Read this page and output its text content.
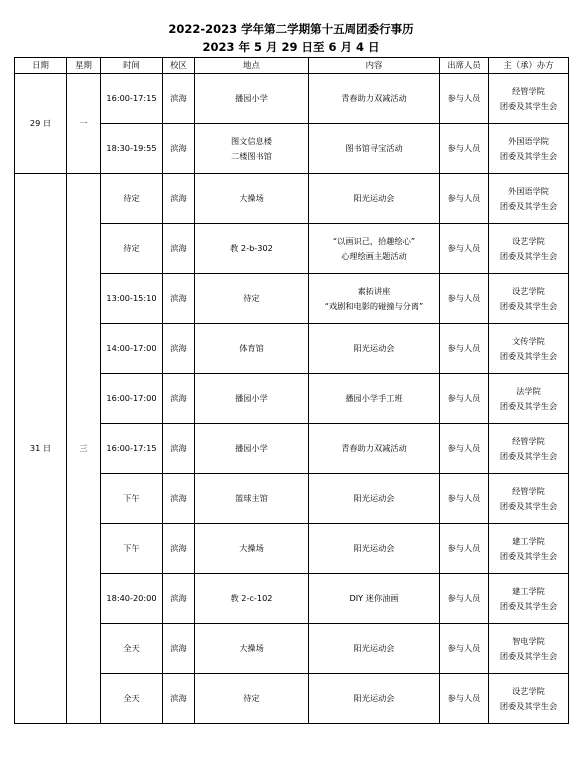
2022-2023 学年第二学期第十五周团委行事历
2023 年 5 月 29 日至 6 月 4 日
日期	星期	时间	校区	地点	内容	出席人员	主（承）办方
29 日	一	16:00-17:15	滨海	播园小学	青春助力双减活动	参与人员	经管学院
团委及其学生会

		18:30-19:55	滨海	图文信息楼
二楼图书馆	图书馆寻宝活动	参与人员	外国语学院
团委及其学生会

31 日	三	待定	滨海	大操场	阳光运动会	参与人员	外国语学院
团委及其学生会

		待定	滨海	教 2-b-302	“以画识己，拾趣绘心”
心理绘画主题活动	参与人员	设艺学院
团委及其学生会

		13:00-15:10	滨海	待定	素拓讲座
“戏剧和电影的碰撞与分离”	参与人员	设艺学院
团委及其学生会

		14:00-17:00	滨海	体育馆	阳光运动会	参与人员	文传学院
团委及其学生会

		16:00-17:00	滨海	播园小学	播园小学手工班	参与人员	法学院
团委及其学生会

		16:00-17:15	滨海	播园小学	青春助力双减活动	参与人员	经管学院
团委及其学生会

		下午	滨海	篮球主馆	阳光运动会	参与人员	经管学院
团委及其学生会

		下午	滨海	大操场	阳光运动会	参与人员	建工学院
团委及其学生会

		18:40-20:00	滨海	教 2-c-102	DIY 迷你油画	参与人员	建工学院
团委及其学生会

		全天	滨海	大操场	阳光运动会	参与人员	智电学院
团委及其学生会

		全天	滨海	待定	阳光运动会	参与人员	设艺学院
团委及其学生会
